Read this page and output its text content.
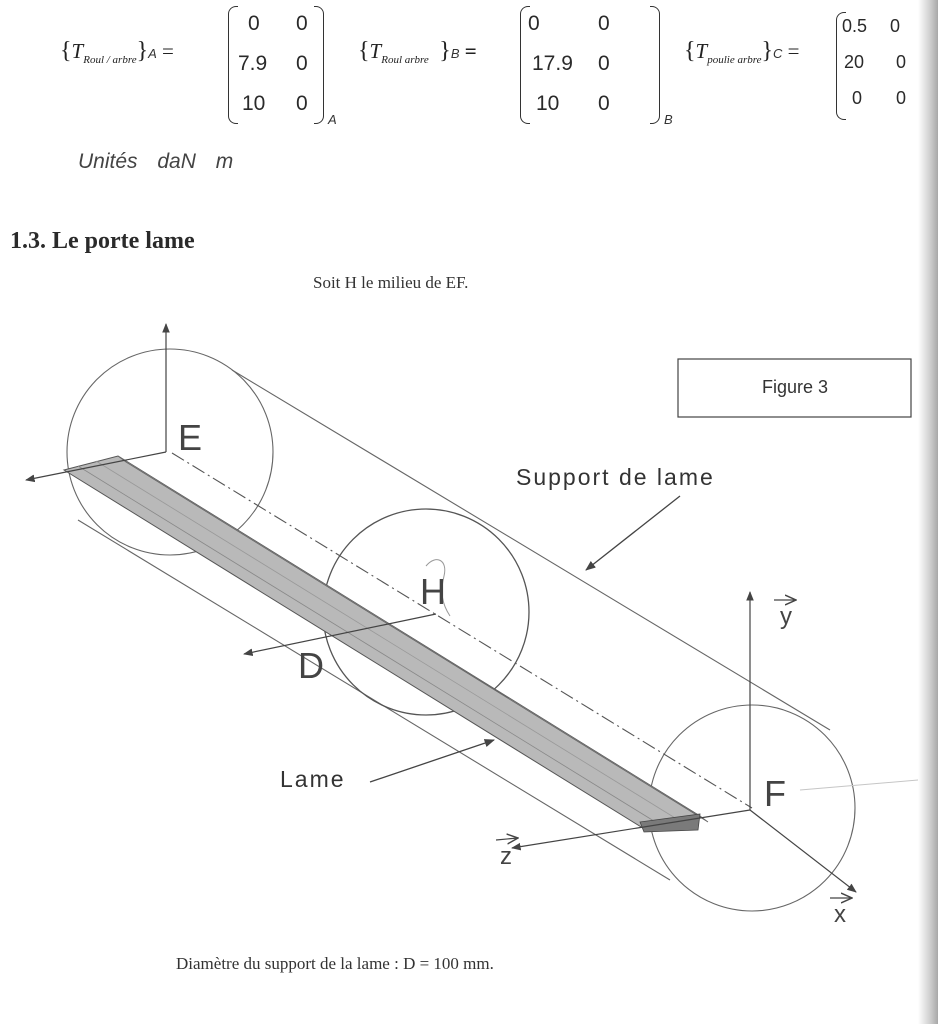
$\{T_{Roul / arbre}\}A$ =
0 0
7.9 0
10 0
A
{$T_{Roul arbre}$ }B =
0	0
17.9 0
10 0
B
$\{T_{poulie arbre}\}C$ =
0.5 0
20 0
0 0
Unités daN m
1.3. Le porte lame
Soit H le milieu de EF.
Figure 3
E
H
D
F
Support de lame
Lame
y
z
x
Diamètre du support de la lame : D = 100 mm.
